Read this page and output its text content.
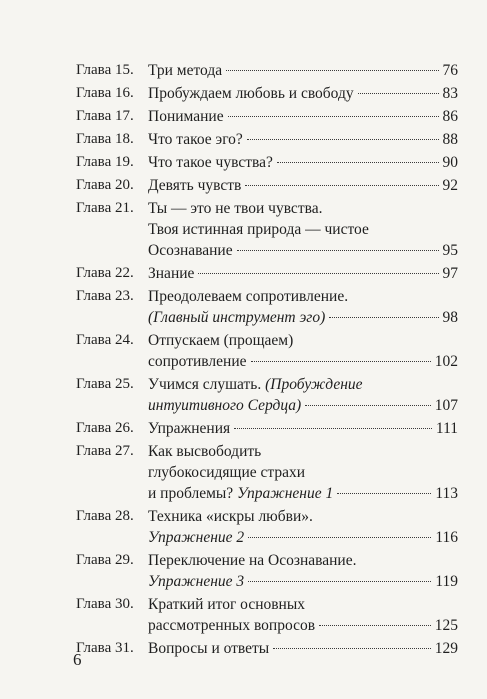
Глава 15. Три метода	76
Глава 16. Пробуждаем любовь и свободу	83
Глава 17. Понимание	86
Глава 18. Что такое эго?	88
Глава 19. Что такое чувства?	90
Глава 20. Девять чувств	92
Глава 21. Ты — это не твои чувства.
Твоя истинная природа — чистое
Осознавание	95
Глава 22. Знание	97
Глава 23. Преодолеваем сопротивление.
(Главный инструмент эго)	98
Глава 24. Отпускаем (прощаем)
сопротивление	102
Глава 25. Учимся слушать. (Пробуждение
интуитивного Сердца)	107
Глава 26. Упражнения	111
Глава 27. Как высвободить
глубокосидящие страхи
и проблемы? Упражнение 1	113
Глава 28. Техника «искры любви».
Упражнение 2	116
Глава 29. Переключение на Осознавание.
Упражнение 3	119
Глава 30. Краткий итог основных
рассмотренных вопросов	125
Глава 31. Вопросы и ответы	129
6
